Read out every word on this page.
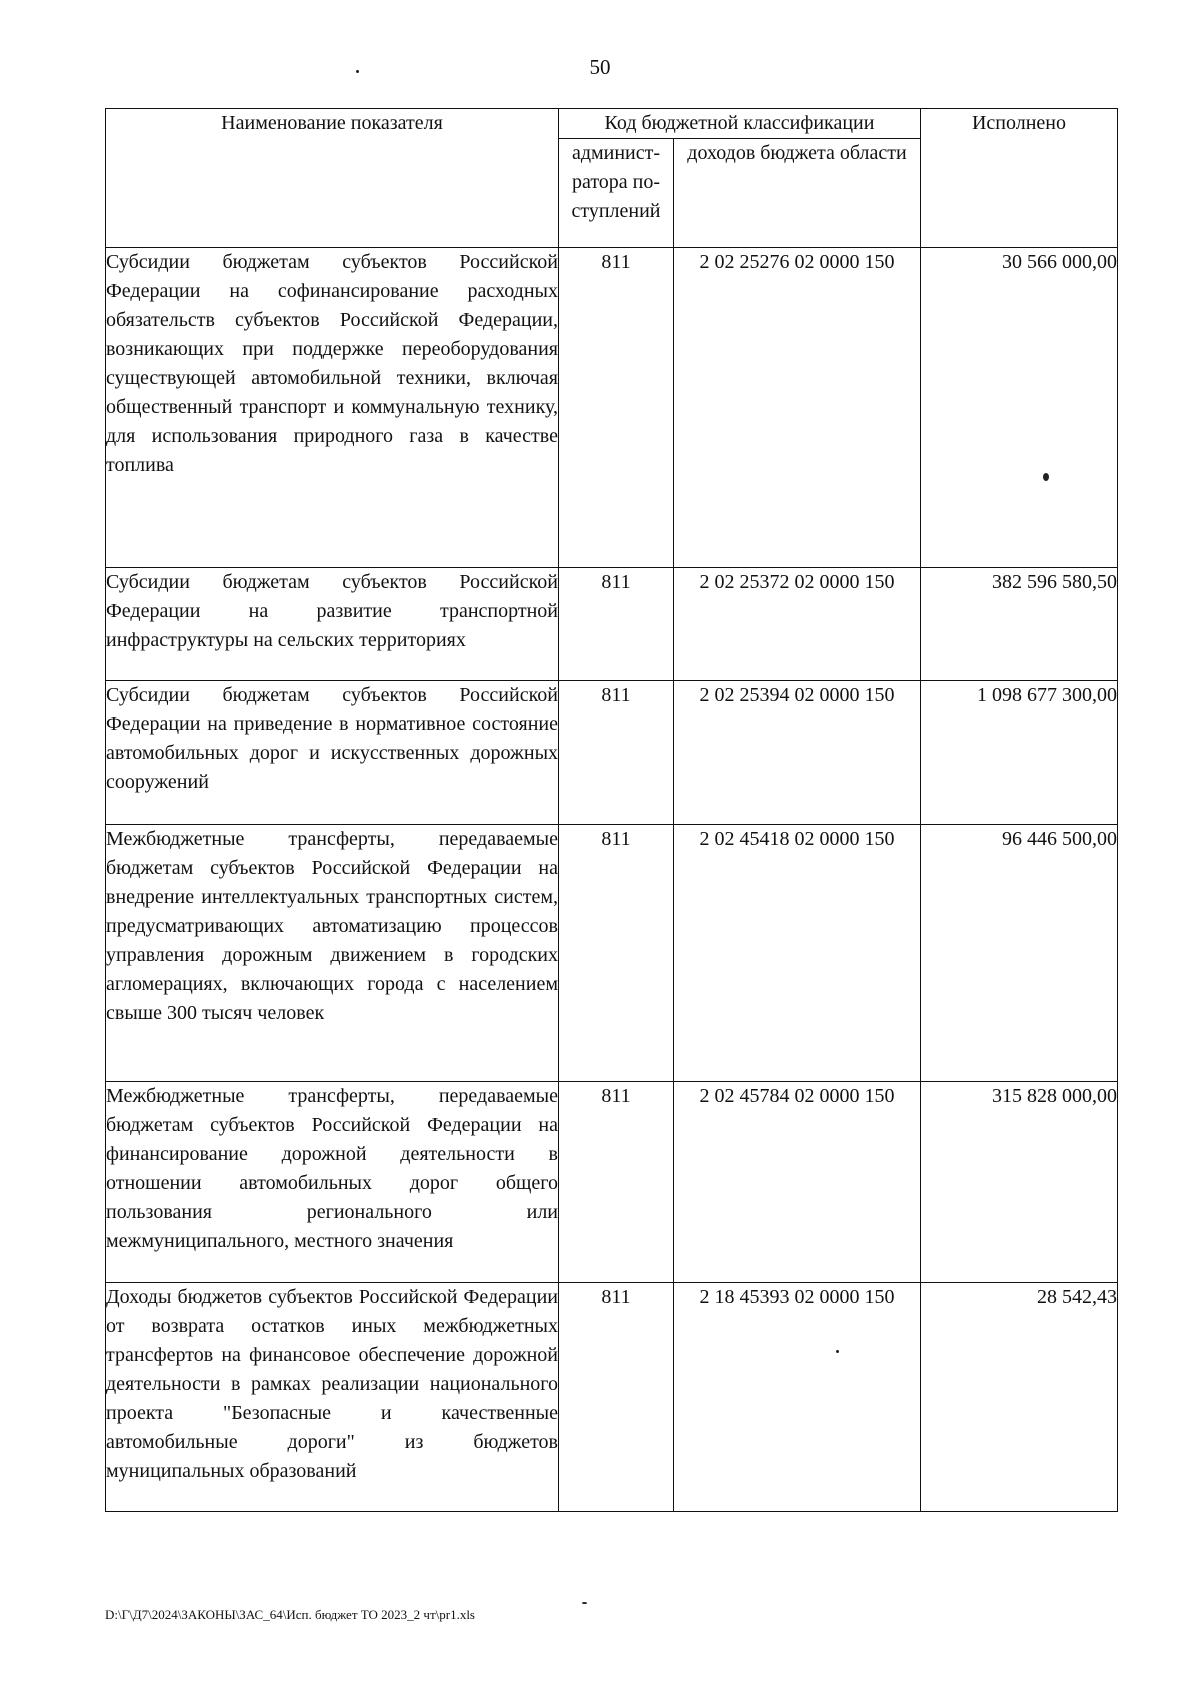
50
Наименование показателя	Код бюджетной классификации		Исполнено
	админист-ратора по-ступлений	доходов бюджета области	
Субсидии бюджетам субъектов Российской Федерации на софинансирование расходных обязательств субъектов Российской Федерации, возникающих при поддержке переоборудования существующей автомобильной техники, включая общественный транспорт и коммунальную технику, для использования природного газа в качестве топлива	811	2 02 25276 02 0000 150	30 566 000,00
Субсидии бюджетам субъектов Российской Федерации на развитие транспортной инфраструктуры на сельских территориях	811	2 02 25372 02 0000 150	382 596 580,50
Субсидии бюджетам субъектов Российской Федерации на приведение в нормативное состояние автомобильных дорог и искусственных дорожных сооружений	811	2 02 25394 02 0000 150	1 098 677 300,00
Межбюджетные трансферты, передаваемые бюджетам субъектов Российской Федерации на внедрение интеллектуальных транспортных систем, предусматривающих автоматизацию процессов управления дорожным движением в городских агломерациях, включающих города с населением свыше 300 тысяч человек	811	2 02 45418 02 0000 150	96 446 500,00
Межбюджетные трансферты, передаваемые бюджетам субъектов Российской Федерации на финансирование дорожной деятельности в отношении автомобильных дорог общего пользования регионального или межмуниципального, местного значения	811	2 02 45784 02 0000 150	315 828 000,00
Доходы бюджетов субъектов Российской Федерации от возврата остатков иных межбюджетных трансфертов на финансовое обеспечение дорожной деятельности в рамках реализации национального проекта "Безопасные и качественные автомобильные дороги" из бюджетов муниципальных образований	811	2 18 45393 02 0000 150	28 542,43
D:\Г\Д7\2024\ЗАКОНЫ\ЗАС_64\Исп. бюджет ТО 2023_2 чт\pr1.xls
